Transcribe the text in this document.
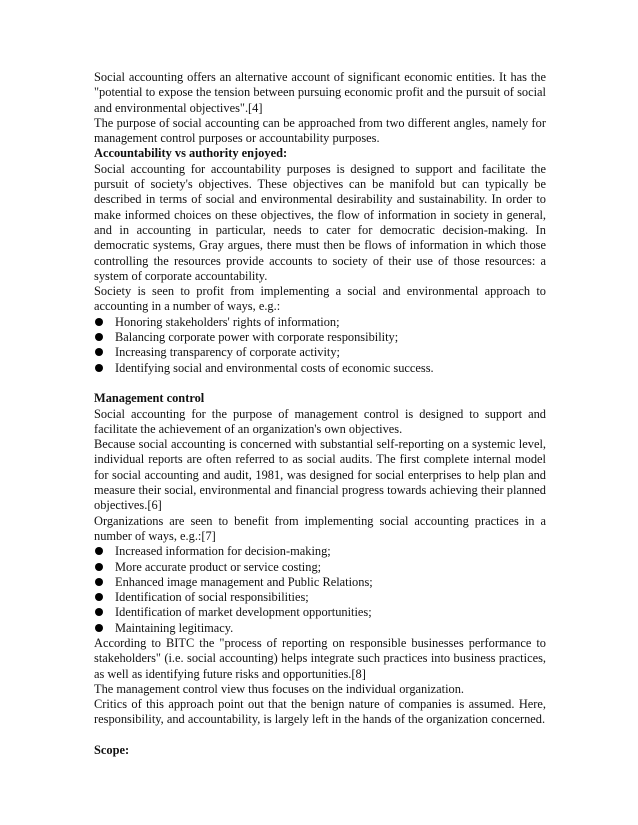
Social accounting offers an alternative account of significant economic entities. It has the "potential to expose the tension between pursuing economic profit and the pursuit of social and environmental objectives".[4]

The purpose of social accounting can be approached from two different angles, namely for management control purposes or accountability purposes.

Accountability vs authority enjoyed:

Social accounting for accountability purposes is designed to support and facilitate the pursuit of society's objectives. These objectives can be manifold but can typically be described in terms of social and environmental desirability and sustainability. In order to make informed choices on these objectives, the flow of information in society in general, and in accounting in particular, needs to cater for democratic decision-making. In democratic systems, Gray argues, there must then be flows of information in which those controlling the resources provide accounts to society of their use of those resources: a system of corporate accountability.

Society is seen to profit from implementing a social and environmental approach to accounting in a number of ways, e.g.:

Honoring stakeholders' rights of information;
Balancing corporate power with corporate responsibility;
Increasing transparency of corporate activity;
Identifying social and environmental costs of economic success.

Management control

Social accounting for the purpose of management control is designed to support and facilitate the achievement of an organization's own objectives.

Because social accounting is concerned with substantial self-reporting on a systemic level, individual reports are often referred to as social audits. The first complete internal model for social accounting and audit, 1981, was designed for social enterprises to help plan and measure their social, environmental and financial progress towards achieving their planned objectives.[6]

Organizations are seen to benefit from implementing social accounting practices in a number of ways, e.g.:[7]

Increased information for decision-making;
More accurate product or service costing;
Enhanced image management and Public Relations;
Identification of social responsibilities;
Identification of market development opportunities;
Maintaining legitimacy.

According to BITC the "process of reporting on responsible businesses performance to stakeholders" (i.e. social accounting) helps integrate such practices into business practices, as well as identifying future risks and opportunities.[8]

The management control view thus focuses on the individual organization.

Critics of this approach point out that the benign nature of companies is assumed. Here, responsibility, and accountability, is largely left in the hands of the organization concerned.

Scope:
